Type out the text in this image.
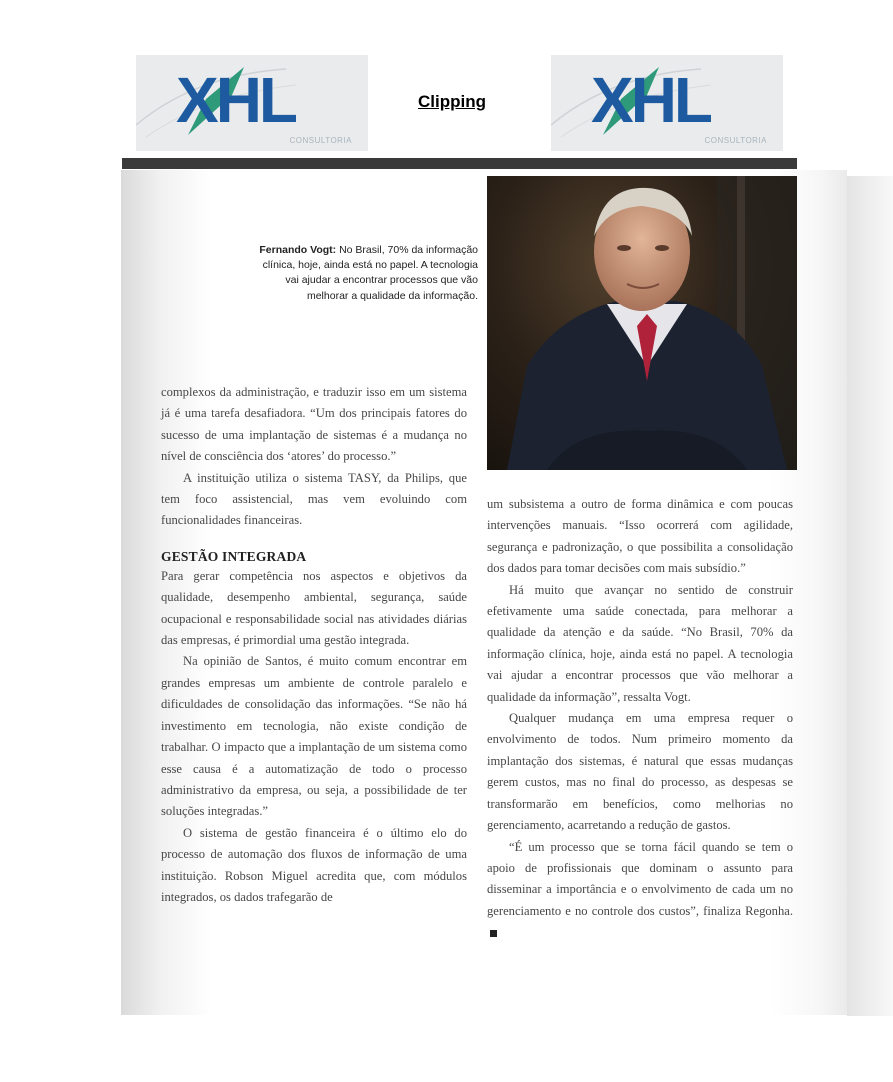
XHL
CONSULTORIA
Clipping XHL
CONSULTORIA
Fernando Vogt: No Brasil, 70% da informação clínica, hoje, ainda está no papel. A tecnologia vai ajudar a encontrar processos que vão melhorar a qualidade da informação.

complexos da administração, e traduzir isso em um sistema já é uma tarefa desafiadora. “Um dos principais fatores do sucesso de uma implantação de sistemas é a mudança no nível de consciência dos ‘atores’ do processo.”

A instituição utiliza o sistema TASY, da Philips, que tem foco assistencial, mas vem evoluindo com funcionalidades financeiras.

GESTÃO INTEGRADA

Para gerar competência nos aspectos e objetivos da qualidade, desempenho ambiental, segurança, saúde ocupacional e responsabilidade social nas atividades diárias das empresas, é primordial uma gestão integrada.

Na opinião de Santos, é muito comum encontrar em grandes empresas um ambiente de controle paralelo e dificuldades de consolidação das informações. “Se não há investimento em tecnologia, não existe condição de trabalhar. O impacto que a implantação de um sistema como esse causa é a automatização de todo o processo administrativo da empresa, ou seja, a possibilidade de ter soluções integradas.”

O sistema de gestão financeira é o último elo do processo de automação dos fluxos de informação de uma instituição. Robson Miguel acredita que, com módulos integrados, os dados trafegarão de

um subsistema a outro de forma dinâmica e com poucas intervenções manuais. “Isso ocorrerá com agilidade, segurança e padronização, o que possibilita a consolidação dos dados para tomar decisões com mais subsídio.”

Há muito que avançar no sentido de construir efetivamente uma saúde conectada, para melhorar a qualidade da atenção e da saúde. “No Brasil, 70% da informação clínica, hoje, ainda está no papel. A tecnologia vai ajudar a encontrar processos que vão melhorar a qualidade da informação”, ressalta Vogt.

Qualquer mudança em uma empresa requer o envolvimento de todos. Num primeiro momento da implantação dos sistemas, é natural que essas mudanças gerem custos, mas no final do processo, as despesas se transformarão em benefícios, como melhorias no gerenciamento, acarretando a redução de gastos.

“É um processo que se torna fácil quando se tem o apoio de profissionais que dominam o assunto para disseminar a importância e o envolvimento de cada um no gerenciamento e no controle dos custos”, finaliza Regonha.
